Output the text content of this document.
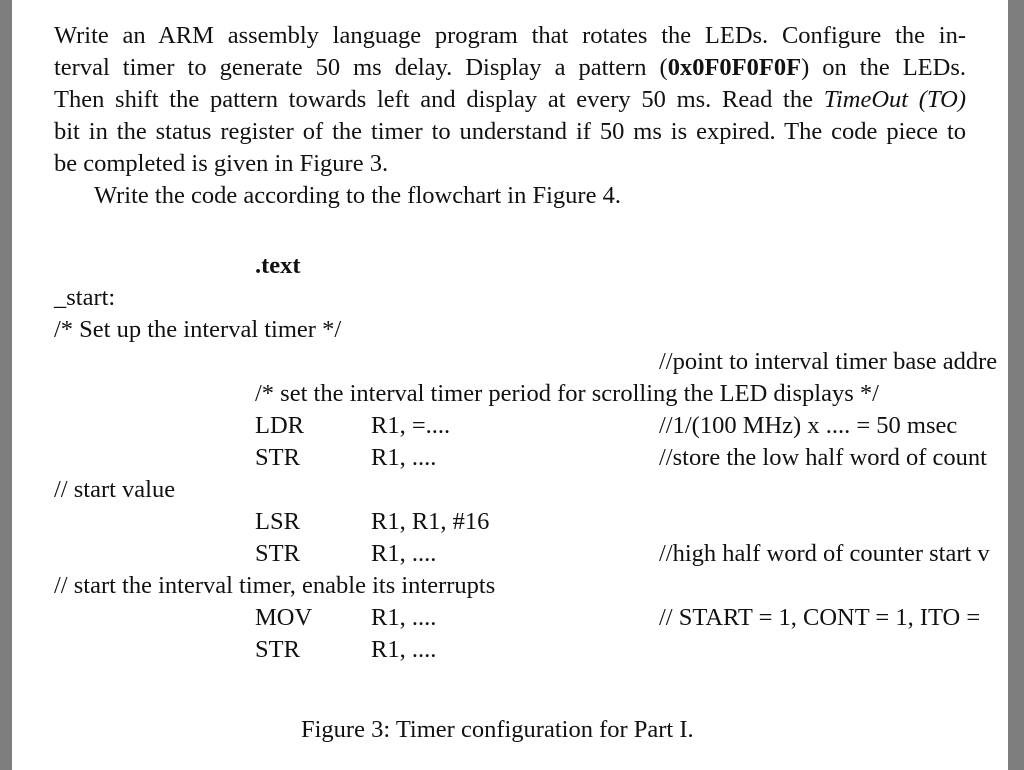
Write an ARM assembly language program that rotates the LEDs. Configure the in-
terval timer to generate 50 ms delay. Display a pattern (0x0F0F0F0F) on the LEDs.
Then shift the pattern towards left and display at every 50 ms. Read the TimeOut (TO)
bit in the status register of the timer to understand if 50 ms is expired. The code piece to
be completed is given in Figure 3.
Write the code according to the flowchart in Figure 4.
.text
_start:
/* Set up the interval timer */
//point to interval timer base addre
/* set the interval timer period for scrolling the LED displays */
LDR	R1, =....	//1/(100 MHz) x .... = 50 msec
STR	R1, ....	//store the low half word of count
// start value
LSR	R1, R1, #16
STR	R1, ....	//high half word of counter start v
// start the interval timer, enable its interrupts
MOV R1, ....	// START = 1, CONT = 1, ITO =
STR	R1, ....
Figure 3: Timer configuration for Part I.
